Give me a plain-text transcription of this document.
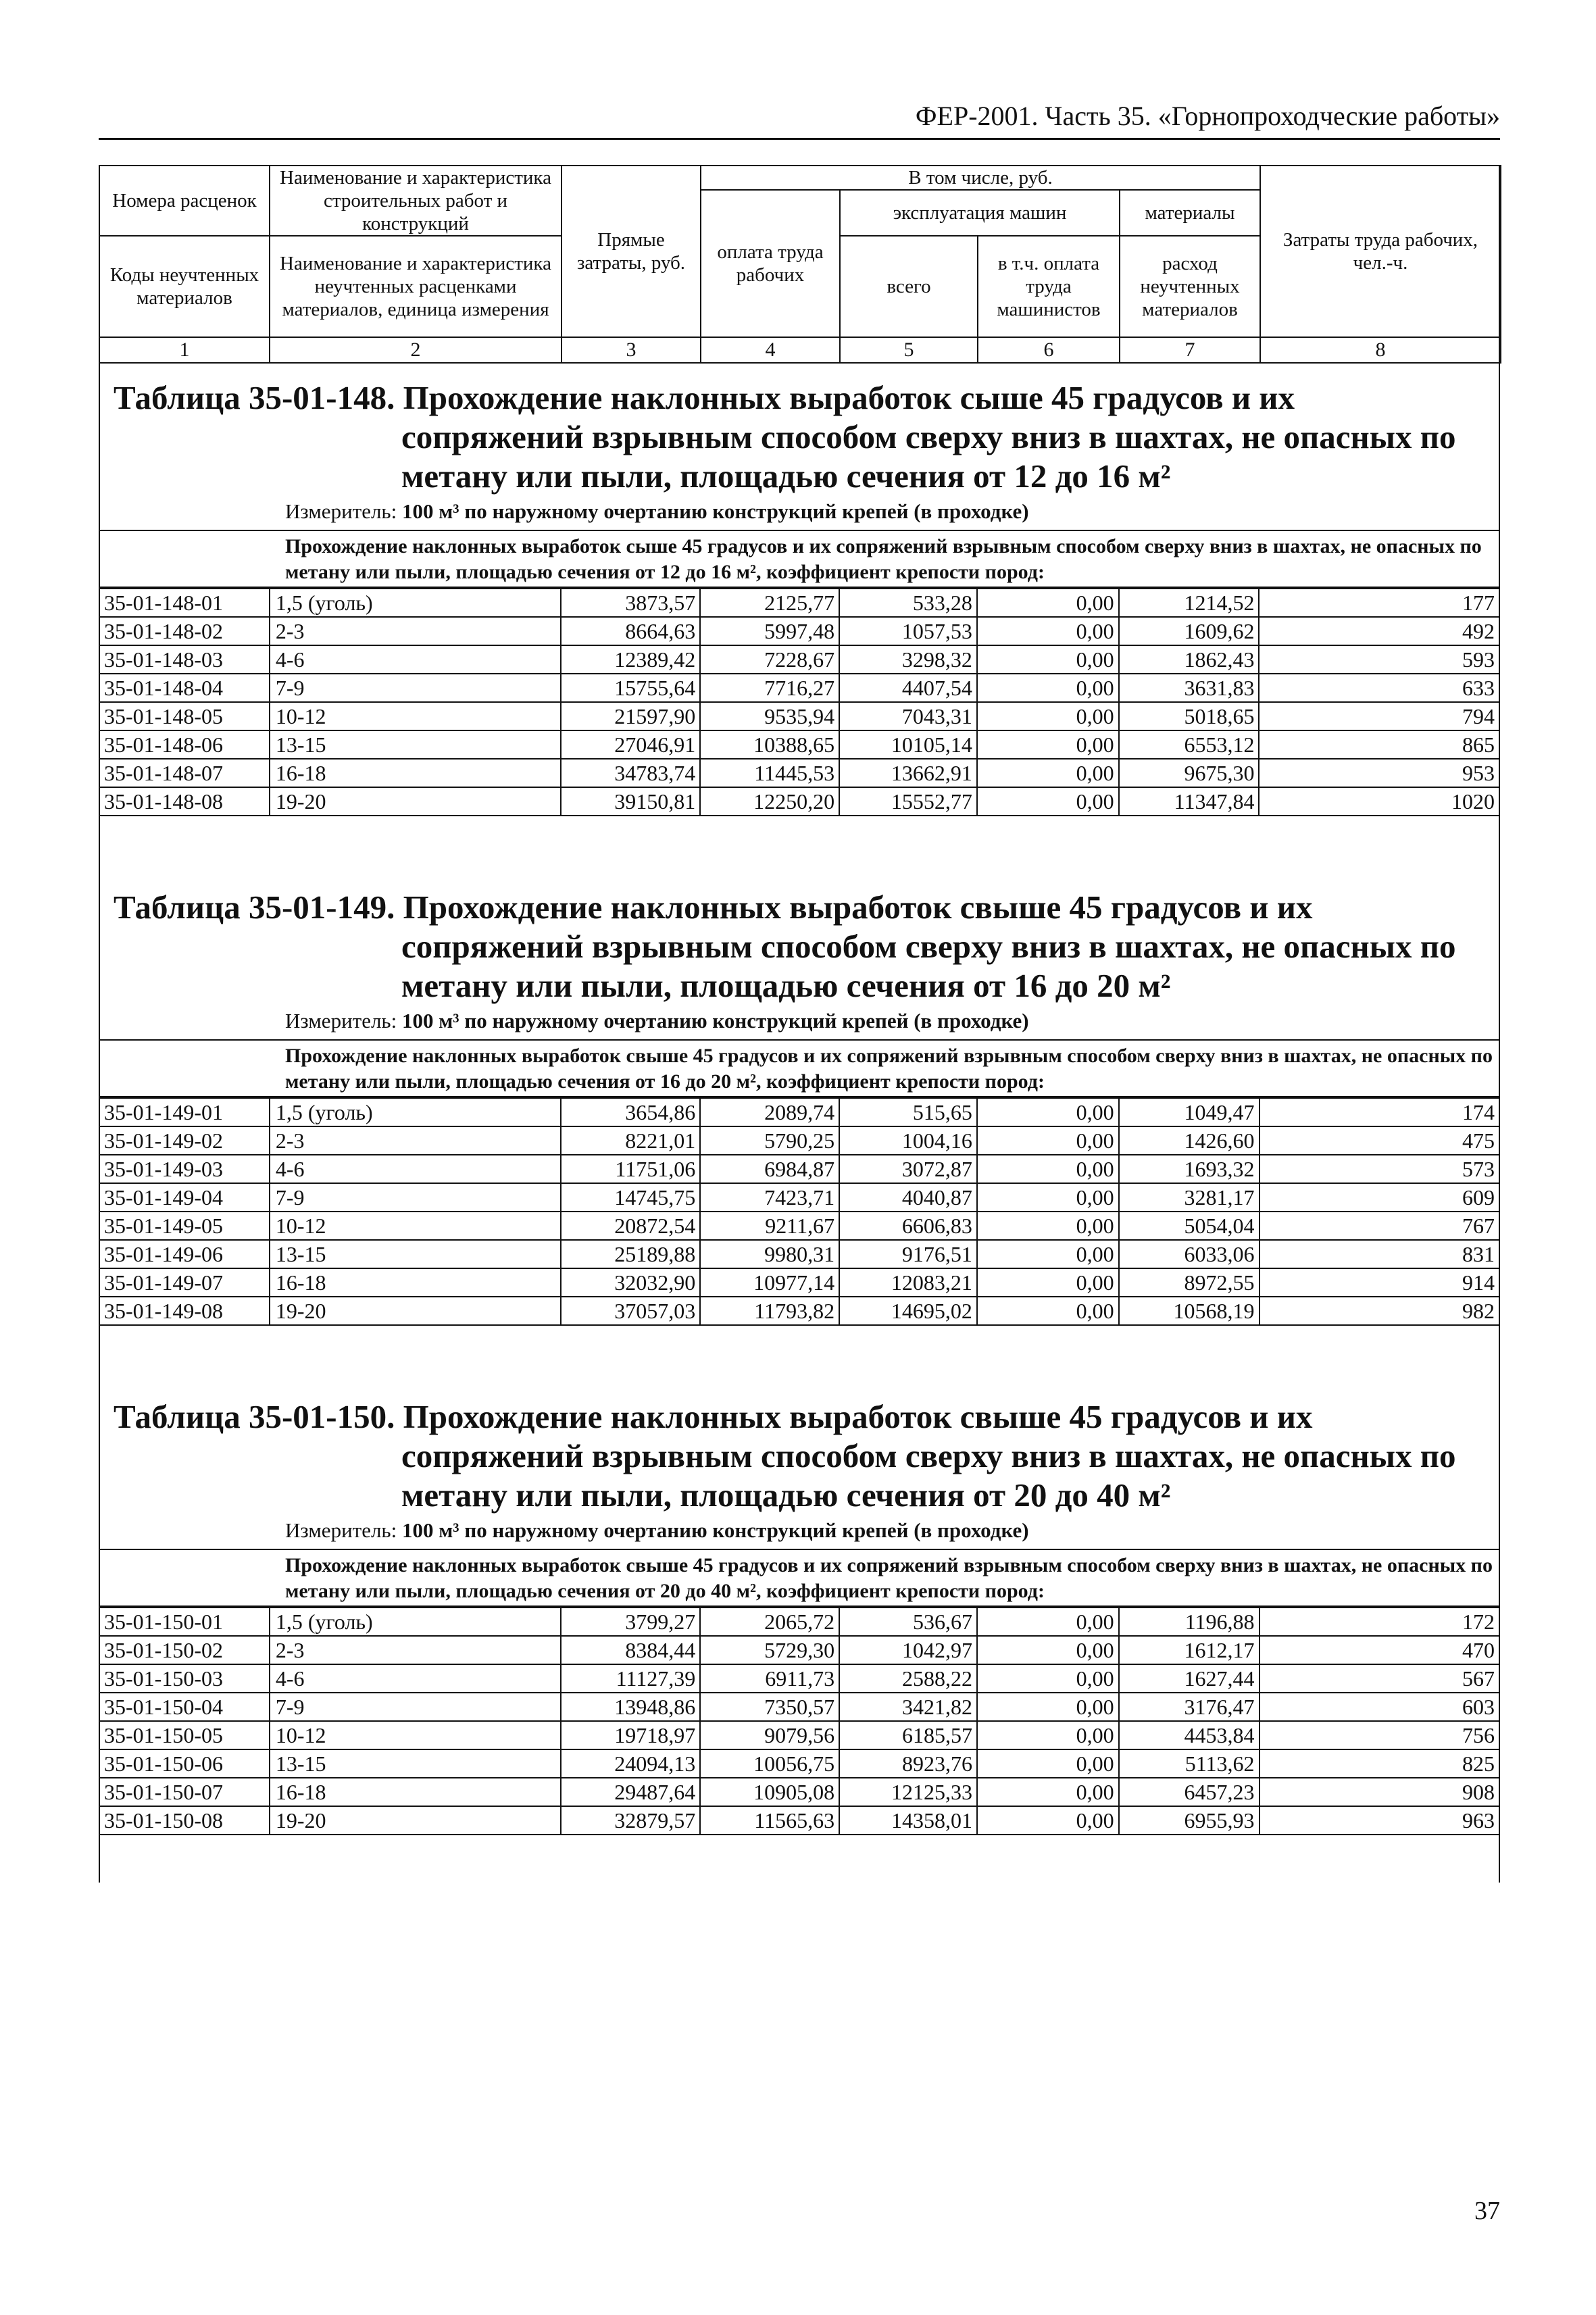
ФЕР-2001. Часть 35. «Горнопроходческие работы»
Номера расценок	Наименование и характеристика строительных работ и конструкций	Прямые затраты, руб.	В том числе, руб.				Затраты труда рабочих, чел.-ч.
			оплата труда рабочих	эксплуатация машин		материалы	
Коды неучтенных материалов	Наименование и характеристика неучтенных расценками материалов, единица измерения			всего	в т.ч. оплата труда машинистов	расход неучтенных материалов	

1	2	3	4	5	6	7	8
Таблица 35-01-148. Прохождение наклонных выработок сыше 45 градусов и их
сопряжений взрывным способом сверху вниз в шахтах, не опасных по
метану или пыли, площадью сечения от 12 до 16 м²
Измеритель: 100 м³ по наружному очертанию конструкций крепей (в проходке)
Прохождение наклонных выработок сыше 45 градусов и их сопряжений взрывным способом сверху вниз в шахтах, не опасных по метану или пыли, площадью сечения от 12 до 16 м², коэффициент крепости пород:
35-01-148-01	1,5 (уголь)	3873,57	2125,77	533,28	0,00	1214,52	177
35-01-148-02	2-3	8664,63	5997,48	1057,53	0,00	1609,62	492
35-01-148-03	4-6	12389,42	7228,67	3298,32	0,00	1862,43	593
35-01-148-04	7-9	15755,64	7716,27	4407,54	0,00	3631,83	633
35-01-148-05	10-12	21597,90	9535,94	7043,31	0,00	5018,65	794
35-01-148-06	13-15	27046,91	10388,65	10105,14	0,00	6553,12	865
35-01-148-07	16-18	34783,74	11445,53	13662,91	0,00	9675,30	953
35-01-148-08	19-20	39150,81	12250,20	15552,77	0,00	11347,84	1020
Таблица 35-01-149. Прохождение наклонных выработок свыше 45 градусов и их
сопряжений взрывным способом сверху вниз в шахтах, не опасных по
метану или пыли, площадью сечения от 16 до 20 м²
Измеритель: 100 м³ по наружному очертанию конструкций крепей (в проходке)
Прохождение наклонных выработок свыше 45 градусов и их сопряжений взрывным способом сверху вниз в шахтах, не опасных по метану или пыли, площадью сечения от 16 до 20 м², коэффициент крепости пород:
35-01-149-01	1,5 (уголь)	3654,86	2089,74	515,65	0,00	1049,47	174
35-01-149-02	2-3	8221,01	5790,25	1004,16	0,00	1426,60	475
35-01-149-03	4-6	11751,06	6984,87	3072,87	0,00	1693,32	573
35-01-149-04	7-9	14745,75	7423,71	4040,87	0,00	3281,17	609
35-01-149-05	10-12	20872,54	9211,67	6606,83	0,00	5054,04	767
35-01-149-06	13-15	25189,88	9980,31	9176,51	0,00	6033,06	831
35-01-149-07	16-18	32032,90	10977,14	12083,21	0,00	8972,55	914
35-01-149-08	19-20	37057,03	11793,82	14695,02	0,00	10568,19	982
Таблица 35-01-150. Прохождение наклонных выработок свыше 45 градусов и их
сопряжений взрывным способом сверху вниз в шахтах, не опасных по
метану или пыли, площадью сечения от 20 до 40 м²
Измеритель: 100 м³ по наружному очертанию конструкций крепей (в проходке)
Прохождение наклонных выработок свыше 45 градусов и их сопряжений взрывным способом сверху вниз в шахтах, не опасных по метану или пыли, площадью сечения от 20 до 40 м², коэффициент крепости пород:
35-01-150-01	1,5 (уголь)	3799,27	2065,72	536,67	0,00	1196,88	172
35-01-150-02	2-3	8384,44	5729,30	1042,97	0,00	1612,17	470
35-01-150-03	4-6	11127,39	6911,73	2588,22	0,00	1627,44	567
35-01-150-04	7-9	13948,86	7350,57	3421,82	0,00	3176,47	603
35-01-150-05	10-12	19718,97	9079,56	6185,57	0,00	4453,84	756
35-01-150-06	13-15	24094,13	10056,75	8923,76	0,00	5113,62	825
35-01-150-07	16-18	29487,64	10905,08	12125,33	0,00	6457,23	908
35-01-150-08	19-20	32879,57	11565,63	14358,01	0,00	6955,93	963
37
